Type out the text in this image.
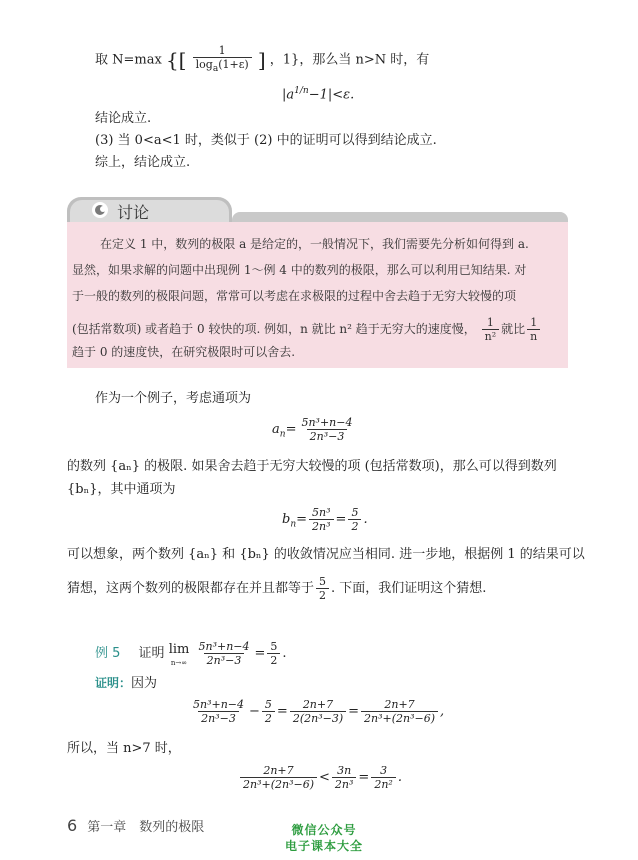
取 N=max {[ $\frac{1}{\log_a(1+\varepsilon)}$ ] ，1}，那么当 n>N 时，有
$|a^{1/n}-1|<\varepsilon$.
结论成立.
(3) 当 0<a<1 时，类似于 (2) 中的证明可以得到结论成立.
综上，结论成立.
讨论
在定义 1 中，数列的极限 a 是给定的，一般情况下，我们需要先分析如何得到 a.
显然，如果求解的问题中出现例 1～例 4 中的数列的极限，那么可以利用已知结果. 对
于一般的数列的极限问题，常常可以考虑在求极限的过程中舍去趋于无穷大较慢的项
(包括常数项) 或者趋于 0 较快的项. 例如，n 就比 n² 趋于无穷大的速度慢， $\frac{1}{\text{n²}}$ 就比 $\frac{1}{n}$
趋于 0 的速度快，在研究极限时可以舍去.
作为一个例子，考虑通项为
$a_n= \frac{\text{5n³+n−4}}{\text{2n³−3}}$
的数列 {aₙ} 的极限. 如果舍去趋于无穷大较慢的项 (包括常数项)，那么可以得到数列
{bₙ}，其中通项为
$b_n= \frac{\text{5n³}}{\text{2n³}} = \frac{5}{2}$ .
可以想象，两个数列 {aₙ} 和 {bₙ} 的收敛情况应当相同. 进一步地，根据例 1 的结果可以
猜想，这两个数列的极限都存在并且都等于 $\frac{5}{2}$ . 下面，我们证明这个猜想.
例 5 证明 lim
n→∞
$\frac{\text{5n³+n−4}}{\text{2n³−3}} = \frac{5}{2}$ .
证明：因为
$\frac{\text{5n³+n−4}}{\text{2n³−3}} - \frac{5}{2} = \frac{2n+7}{\text{2(2n³−3)}} = \frac{2n+7}{\text{2n³+(2n³−6)}}$ ,
所以，当 n>7 时，
$\frac{2n+7}{\text{2n³+(2n³−6)}} < \frac{3n}{\text{2n³}} = \frac{3}{\text{2n²}}$ .
6 第一章　数列的极限	微信公众号
电子课本大全
